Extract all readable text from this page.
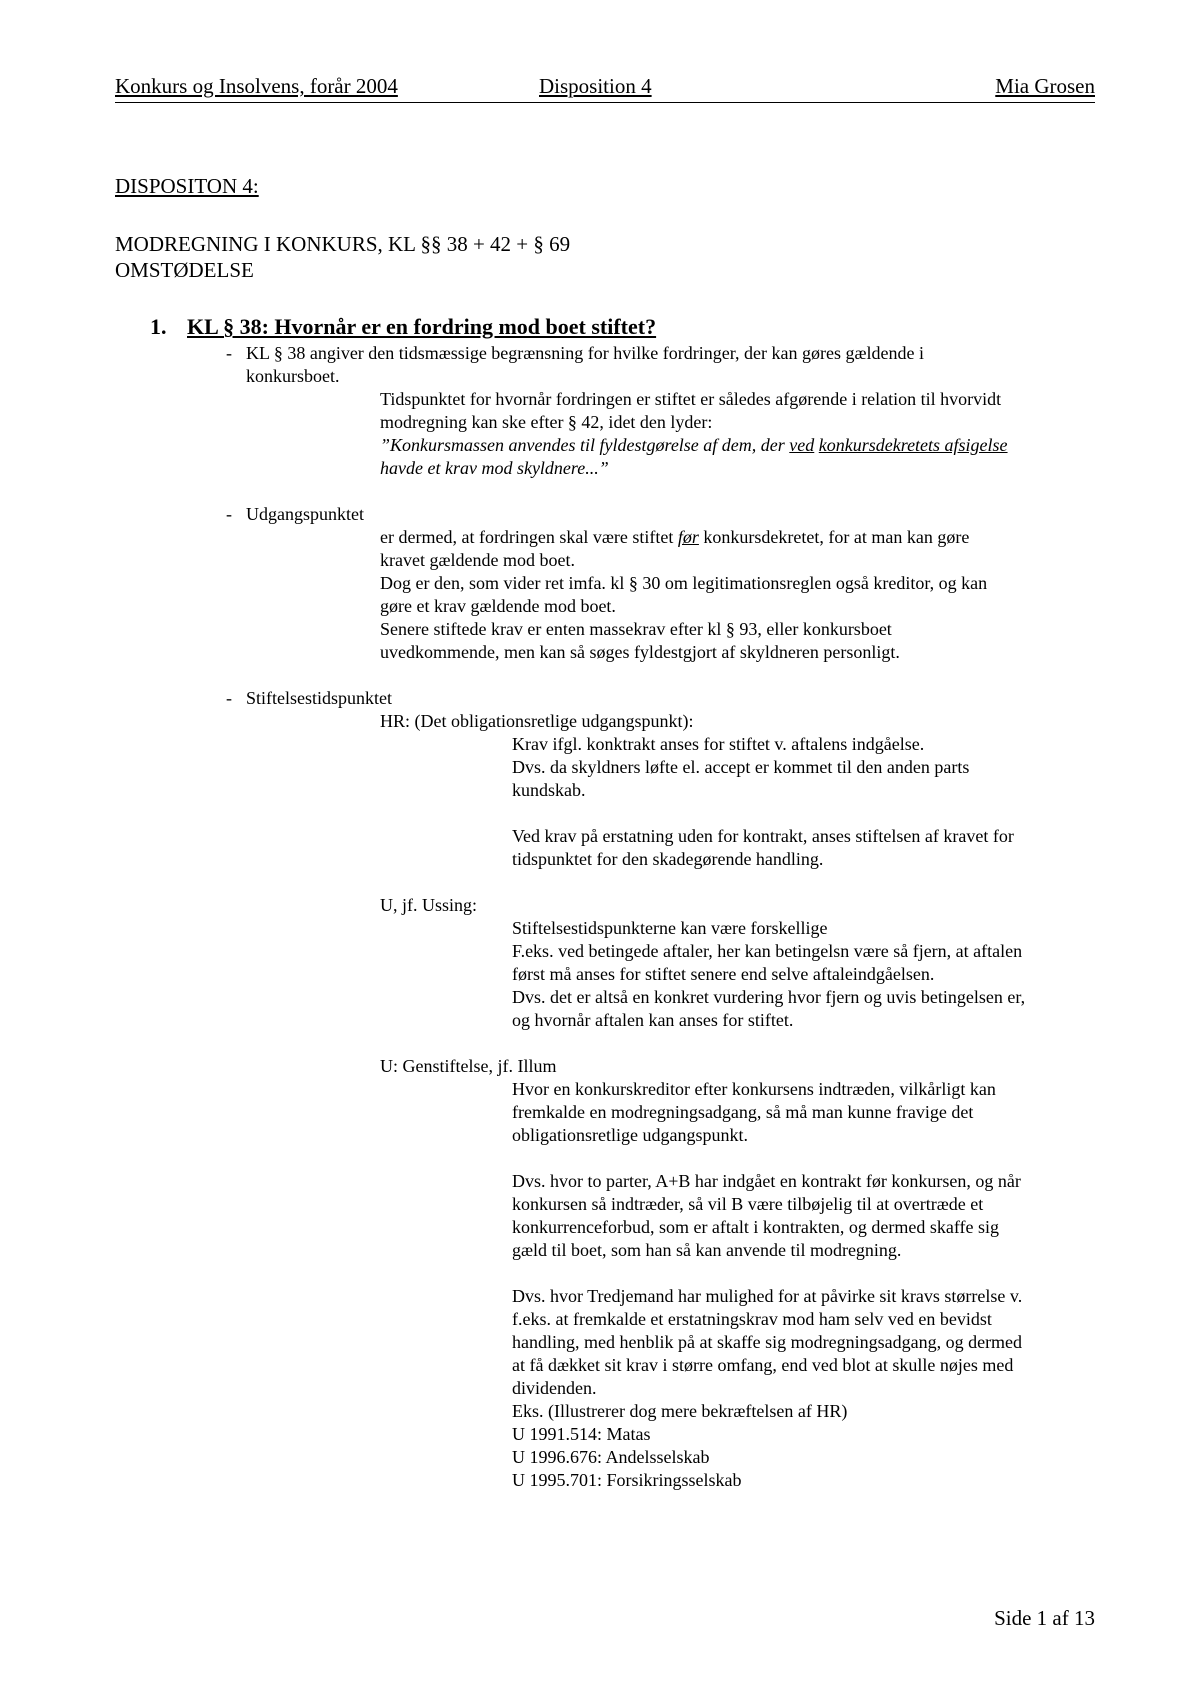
Konkurs og Insolvens, forår 2004	Disposition 4	Mia Grosen
DISPOSITON 4:
MODREGNING I KONKURS, KL §§ 38 + 42 + § 69
OMSTØDELSE
1. KL § 38: Hvornår er en fordring mod boet stiftet?
- KL § 38 angiver den tidsmæssige begrænsning for hvilke fordringer, der kan gøres gældende i
konkursboet.
Tidspunktet for hvornår fordringen er stiftet er således afgørende i relation til hvorvidt
modregning kan ske efter § 42, idet den lyder:
”Konkursmassen anvendes til fyldestgørelse af dem, der ved konkursdekretets afsigelse
havde et krav mod skyldnere...”
- Udgangspunktet
er dermed, at fordringen skal være stiftet før konkursdekretet, for at man kan gøre
kravet gældende mod boet.
Dog er den, som vider ret imfa. kl § 30 om legitimationsreglen også kreditor, og kan
gøre et krav gældende mod boet.
Senere stiftede krav er enten massekrav efter kl § 93, eller konkursboet
uvedkommende, men kan så søges fyldestgjort af skyldneren personligt.
- Stiftelsestidspunktet
HR: (Det obligationsretlige udgangspunkt):
Krav ifgl. konktrakt anses for stiftet v. aftalens indgåelse.
Dvs. da skyldners løfte el. accept er kommet til den anden parts
kundskab.
Ved krav på erstatning uden for kontrakt, anses stiftelsen af kravet for
tidspunktet for den skadegørende handling.
U, jf. Ussing:
Stiftelsestidspunkterne kan være forskellige
F.eks. ved betingede aftaler, her kan betingelsn være så fjern, at aftalen
først må anses for stiftet senere end selve aftaleindgåelsen.
Dvs. det er altså en konkret vurdering hvor fjern og uvis betingelsen er,
og hvornår aftalen kan anses for stiftet.
U: Genstiftelse, jf. Illum
Hvor en konkurskreditor efter konkursens indtræden, vilkårligt kan
fremkalde en modregningsadgang, så må man kunne fravige det
obligationsretlige udgangspunkt.
Dvs. hvor to parter, A+B har indgået en kontrakt før konkursen, og når
konkursen så indtræder, så vil B være tilbøjelig til at overtræde et
konkurrenceforbud, som er aftalt i kontrakten, og dermed skaffe sig
gæld til boet, som han så kan anvende til modregning.
Dvs. hvor Tredjemand har mulighed for at påvirke sit kravs størrelse v.
f.eks. at fremkalde et erstatningskrav mod ham selv ved en bevidst
handling, med henblik på at skaffe sig modregningsadgang, og dermed
at få dækket sit krav i større omfang, end ved blot at skulle nøjes med
dividenden.
Eks. (Illustrerer dog mere bekræftelsen af HR)
U 1991.514: Matas
U 1996.676: Andelsselskab
U 1995.701: Forsikringsselskab
Side 1 af 13
